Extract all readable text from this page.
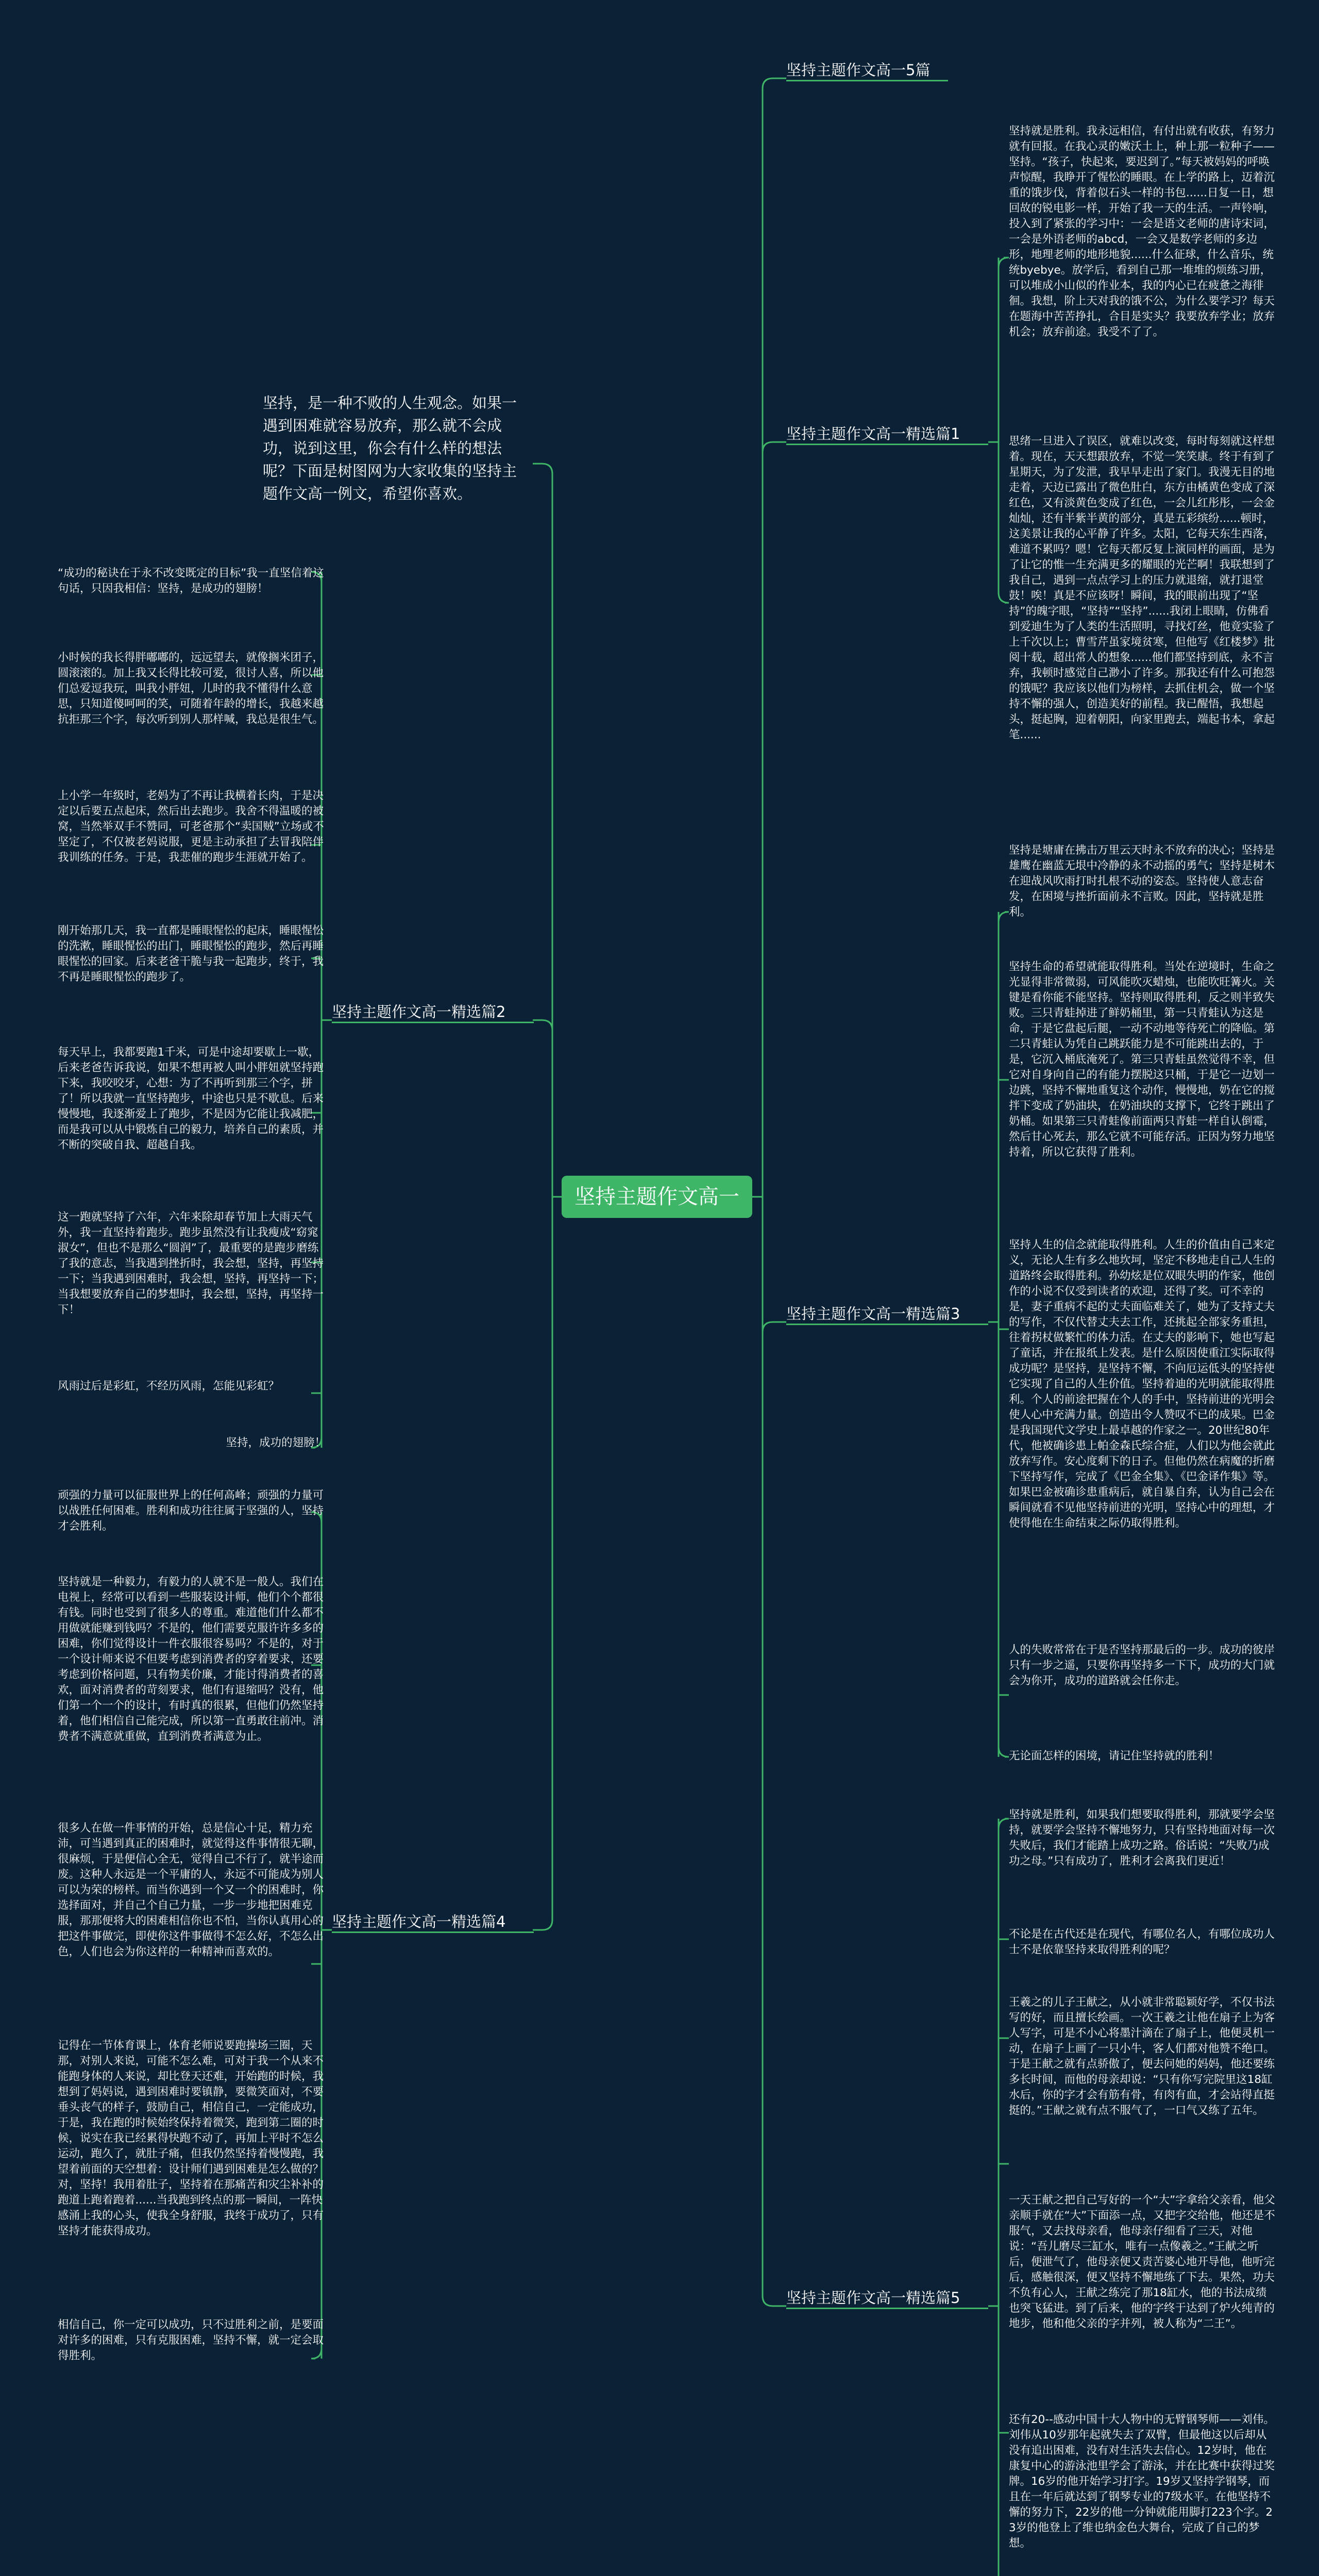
坚持主题作文高一
坚持主题作文高一5篇
坚持主题作文高一精选篇1
坚持主题作文高一精选篇2
坚持主题作文高一精选篇3
坚持主题作文高一精选篇4
坚持主题作文高一精选篇5
坚持，是一种不败的人生观念。如果一遇到困难就容易放弃，那么就不会成功，说到这里，你会有什么样的想法呢？下面是树图网为大家收集的坚持主题作文高一例文，希望你喜欢。
坚持就是胜利。我永远相信，有付出就有收获，有努力就有回报。在我心灵的嫩沃土上，种上那一粒种子——坚持。“孩子，快起来，要迟到了。”每天被妈妈的呼唤声惊醒，我睁开了惺忪的睡眼。在上学的路上，迈着沉重的饿步伐，背着似石头一样的书包......日复一日，想回故的锐电影一样，开始了我一天的生活。一声铃响，投入到了紧张的学习中：一会是语文老师的唐诗宋词，一会是外语老师的abcd，一会又是数学老师的多边形，地理老师的地形地貌......什么征球，什么音乐，统统byebye。放学后，看到自己那一堆堆的烦练习册，可以堆成小山似的作业本，我的内心已在疲惫之海徘徊。我想，阶上天对我的饿不公，为什么要学习？每天在题海中苦苦挣扎，合目是实头？我要放弃学业；放弃机会；放弃前途。我受不了了。
思绪一旦进入了误区，就难以改变，每时每刻就这样想着。现在，天天想跟放弃，不觉一笑笑康。终于有到了星期天，为了发泄，我早早走出了家门。我漫无目的地走着，天边已露出了微色肚白，东方由橘黄色变成了深红色，又有淡黄色变成了红色，一会儿红彤彤，一会金灿灿，还有半紫半黄的部分，真是五彩缤纷......顿时，这美景让我的心平静了许多。太阳，它每天东生西落，难道不累吗？嗯！它每天都反复上演同样的画面，是为了让它的惟一生充满更多的耀眼的光芒啊！我联想到了我自己，遇到一点点学习上的压力就退缩，就打退堂鼓！唉！真是不应该呀！瞬间，我的眼前出现了“坚持”的魄字眼，“坚持”“坚持”......我闭上眼睛，仿佛看到爱迪生为了人类的生活照明，寻找灯丝，他竟实验了上千次以上；曹雪芹虽家境贫寒，但他写《红楼梦》批阅十载，超出常人的想象......他们都坚持到底，永不言弃，我顿时感觉自己渺小了许多。那我还有什么可抱怨的饿呢？我应该以他们为榜样，去抓住机会，做一个坚持不懈的强人，创造美好的前程。我已醒悟，我想起头，挺起胸，迎着朝阳，向家里跑去，端起书本，拿起笔......
坚持是塘庸在拂击万里云天时永不放弃的决心；坚持是雄鹰在幽蓝无垠中冷静的永不动摇的勇气；坚持是树木在迎战风吹雨打时扎根不动的姿态。坚持使人意志奋发，在困境与挫折面前永不言败。因此，坚持就是胜利。
坚持生命的希望就能取得胜利。当处在逆境时，生命之光显得非常微弱，可风能吹灭蜡烛，也能吹旺篝火。关键是看你能不能坚持。坚持则取得胜利，反之则半致失败。三只青蛙掉进了鲜奶桶里，第一只青蛙认为这是命，于是它盘起后腿，一动不动地等待死亡的降临。第二只青蛙认为凭自己跳跃能力是不可能跳出去的，于是，它沉入桶底淹死了。第三只青蛙虽然觉得不幸，但它对自身向自己的有能力摆脱这只桶，于是它一边划一边跳，坚持不懈地重复这个动作，慢慢地，奶在它的搅拌下变成了奶油块，在奶油块的支撑下，它终于跳出了奶桶。如果第三只青蛙像前面两只青蛙一样自认倒霉，然后甘心死去，那么它就不可能存活。正因为努力地坚持着，所以它获得了胜利。
坚持人生的信念就能取得胜利。人生的价值由自己来定义，无论人生有多么地坎坷，坚定不移地走自己人生的道路终会取得胜利。孙幼炫是位双眼失明的作家，他创作的小说不仅受到读者的欢迎，还得了奖。可不幸的是，妻子重病不起的丈夫面临难关了，她为了支持丈夫的写作，不仅代替丈夫去工作，还挑起全部家务重担，往着拐杖做繁忙的体力活。在丈夫的影响下，她也写起了童话，并在报纸上发表。是什么原因使重江实际取得成功呢？是坚持，是坚持不懈，不向厄运低头的坚持使它实现了自己的人生价值。坚持着迪的光明就能取得胜利。个人的前途把握在个人的手中，坚持前进的光明会使人心中充满力量。创造出令人赞叹不已的成果。巴金是我国现代文学史上最卓越的作家之一。20世纪80年代，他被确诊患上帕金森氏综合症，人们以为他会就此放弃写作。安心度剩下的日子。但他仍然在病魔的折磨下坚持写作，完成了《巴金全集》、《巴金译作集》等。如果巴金被确诊患重病后，就自暴自弃，认为自己会在瞬间就看不见他坚持前进的光明，坚持心中的理想，才使得他在生命结束之际仍取得胜利。
人的失败常常在于是否坚持那最后的一步。成功的彼岸只有一步之遥，只要你再坚持多一下下，成功的大门就会为你开，成功的道路就会任你走。
无论面怎样的困境，请记住坚持就的胜利！
坚持就是胜利，如果我们想要取得胜利，那就要学会坚持，就要学会坚持不懈地努力，只有坚持地面对每一次失败后，我们才能踏上成功之路。俗话说：“失败乃成功之母。”只有成功了，胜利才会离我们更近！
不论是在古代还是在现代，有哪位名人，有哪位成功人士不是依靠坚持来取得胜利的呢？
王羲之的儿子王献之，从小就非常聪颖好学，不仅书法写的好，而且擅长绘画。一次王羲之让他在扇子上为客人写字，可是不小心将墨汁滴在了扇子上，他便灵机一动，在扇子上画了一只小牛，客人们都对他赞不绝口。于是王献之就有点骄傲了，便去问她的妈妈，他还要练多长时间，而他的母亲却说：“只有你写完院里这18缸水后，你的字才会有筋有骨，有肉有血，才会站得直挺挺的。”王献之就有点不服气了，一口气又练了五年。
一天王献之把自己写好的一个“大”字拿给父亲看，他父亲顺手就在“大”下面添一点，又把字交给他，他还是不服气，又去找母亲看，他母亲仔细看了三天，对他说：“吾儿磨尽三缸水，唯有一点像羲之。”王献之听后，便泄气了，他母亲便又责苦婆心地开导他，他听完后，感触很深，便又坚持不懈地练了下去。果然，功夫不负有心人，王献之练完了那18缸水，他的书法成绩也突飞猛进。到了后来，他的字终于达到了炉火纯青的地步，他和他父亲的字并列，被人称为“二王”。
还有20--感动中国十大人物中的无臂钢琴师——刘伟。刘伟从10岁那年起就失去了双臂，但最他这以后却从没有追出困难，没有对生活失去信心。12岁时，他在康复中心的游泳池里学会了游泳，并在比赛中获得过奖牌。16岁的他开始学习打字。19岁又坚持学钢琴，而且在一年后就达到了钢琴专业的7级水平。在他坚持不懈的努力下，22岁的他一分钟就能用脚打223个字。23岁的他登上了维也纳金色大舞台，完成了自己的梦想。
“成功的秘诀在于永不改变既定的目标”我一直坚信着这句话，只因我相信：坚持，是成功的翅膀！
小时候的我长得胖嘟嘟的，远远望去，就像搁米团子，圆滚滚的。加上我又长得比较可爱，很讨人喜，所以他们总爱逗我玩，叫我小胖妞，儿时的我不懂得什么意思，只知道傻呵呵的笑，可随着年龄的增长，我越来越抗拒那三个字，每次听到别人那样喊，我总是很生气。
上小学一年级时，老妈为了不再让我横着长肉，于是决定以后要五点起床，然后出去跑步。我舍不得温暖的被窝，当然举双手不赞同，可老爸那个“卖国贼”立场或不坚定了，不仅被老妈说服，更是主动承担了去冒我陪伴我训练的任务。于是，我悲催的跑步生涯就开始了。
刚开始那几天，我一直都是睡眼惺忪的起床，睡眼惺忪的洗漱，睡眼惺忪的出门，睡眼惺忪的跑步，然后再睡眼惺忪的回家。后来老爸干脆与我一起跑步，终于，我不再是睡眼惺忪的跑步了。
每天早上，我都要跑1千米，可是中途却要歇上一歇，后来老爸告诉我说，如果不想再被人叫小胖妞就坚持跑下来，我咬咬牙，心想：为了不再听到那三个字，拼了！所以我就一直坚持跑步，中途也只是不歇息。后来慢慢地，我逐渐爱上了跑步，不是因为它能让我减肥，而是我可以从中锻炼自己的毅力，培养自己的素质，并不断的突破自我、超越自我。
这一跑就坚持了六年，六年来除却春节加上大雨天气外，我一直坚持着跑步。跑步虽然没有让我瘦成“窈窕淑女”，但也不是那么“圆润”了，最重要的是跑步磨练了我的意志，当我遇到挫折时，我会想，坚持，再坚持一下；当我遇到困难时，我会想，坚持，再坚持一下；当我想要放弃自己的梦想时，我会想，坚持，再坚持一下！
风雨过后是彩虹，不经历风雨，怎能见彩虹？
坚持，成功的翅膀！
顽强的力量可以征服世界上的任何高峰；顽强的力量可以战胜任何困难。胜利和成功往往属于坚强的人，坚持才会胜利。
坚持就是一种毅力，有毅力的人就不是一般人。我们在电视上，经常可以看到一些服装设计师，他们个个都很有钱。同时也受到了很多人的尊重。难道他们什么都不用做就能赚到钱吗？不是的，他们需要克服许许多多的困难，你们觉得设计一件衣服很容易吗？不是的，对于一个设计师来说不但要考虑到消费者的穿着要求，还要考虑到价格问题，只有物美价廉，才能讨得消费者的喜欢，面对消费者的苛刻要求，他们有退缩吗？没有，他们第一个一个的设计，有时真的很累，但他们仍然坚持着，他们相信自己能完成，所以第一直勇敢往前冲。消费者不满意就重做，直到消费者满意为止。
很多人在做一件事情的开始，总是信心十足，精力充沛，可当遇到真正的困难时，就觉得这件事情很无聊，很麻烦，于是便信心全无，觉得自己不行了，就半途而废。这种人永远是一个平庸的人，永远不可能成为别人可以为荣的榜样。而当你遇到一个又一个的困难时，你选择面对，并自己个自己力量，一步一步地把困难克服，那那便将大的困难相信你也不怕，当你认真用心的把这件事做完，即使你这件事做得不怎么好，不怎么出色，人们也会为你这样的一种精神而喜欢的。
记得在一节体育课上，体育老师说要跑操场三圈，天那，对别人来说，可能不怎么难，可对于我一个从来不能跑身体的人来说，却比登天还难，开始跑的时候，我想到了妈妈说，遇到困难时要镇静，要微笑面对，不要垂头丧气的样子，鼓励自己，相信自己，一定能成功，于是，我在跑的时候始终保持着微笑，跑到第二圈的时候，说实在我已经累得快跑不动了，再加上平时不怎么运动，跑久了，就肚子痛，但我仍然坚持着慢慢跑，我望着前面的天空想着：设计师们遇到困难是怎么做的？对，坚持！我用着肚子，坚持着在那痛苦和灾尘补补的跑道上跑着跑着......当我跑到终点的那一瞬间，一阵快感涌上我的心头，使我全身舒服，我终于成功了，只有坚持才能获得成功。
相信自己，你一定可以成功，只不过胜利之前，是要面对许多的困难，只有克服困难，坚持不懈，就一定会取得胜利。
